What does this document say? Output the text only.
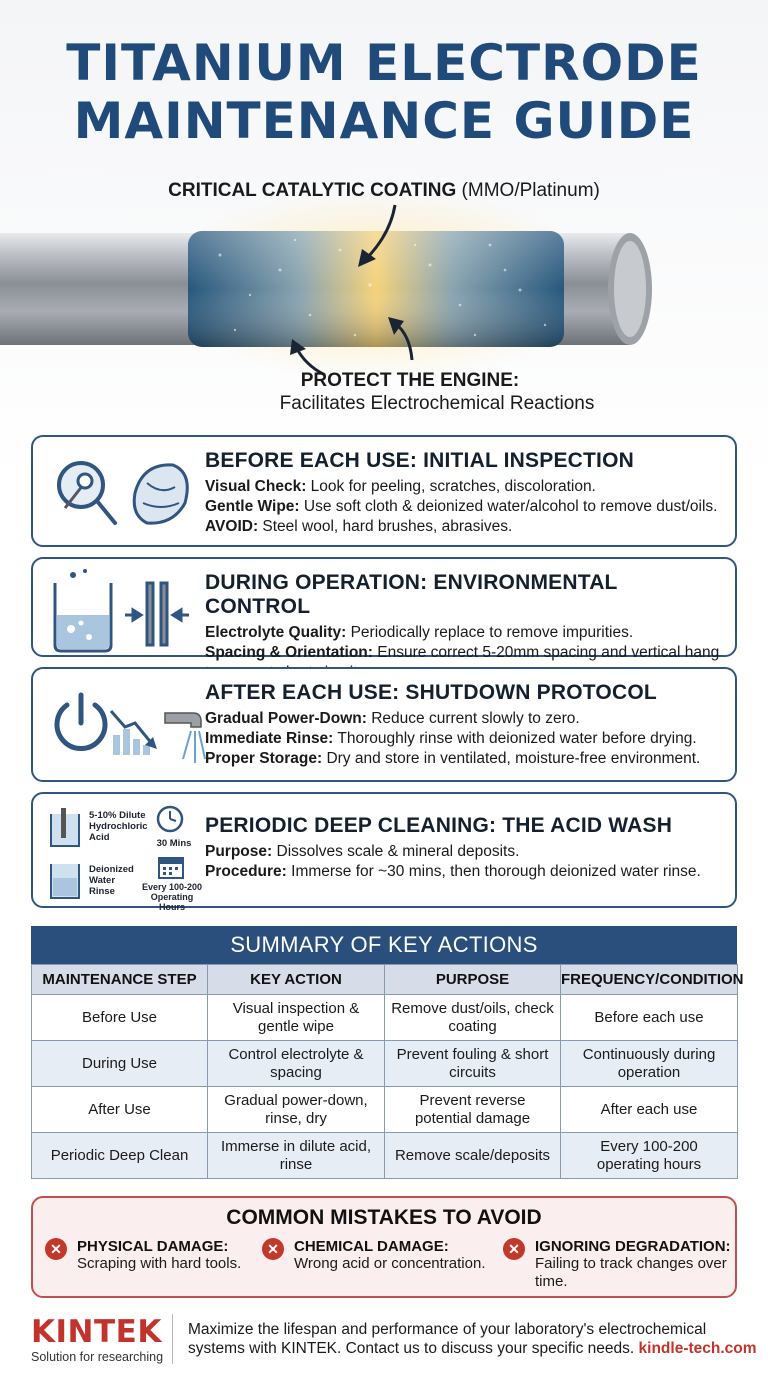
TITANIUM ELECTRODE
MAINTENANCE GUIDE
CRITICAL CATALYTIC COATING (MMO/Platinum)
PROTECT THE ENGINE:
Facilitates Electrochemical Reactions
BEFORE EACH USE: INITIAL INSPECTION

Visual Check: Look for peeling, scratches, discoloration.

Gentle Wipe: Use soft cloth & deionized water/alcohol to remove dust/oils.

AVOID: Steel wool, hard brushes, abrasives.

DURING OPERATION: ENVIRONMENTAL CONTROL

Electrolyte Quality: Periodically replace to remove impurities.

Spacing & Orientation: Ensure correct 5-20mm spacing and vertical hang

AFTER EACH USE: SHUTDOWN PROTOCOL

Gradual Power-Down: Reduce current slowly to zero.

Immediate Rinse: Thoroughly rinse with deionized water before drying.

Proper Storage: Dry and store in ventilated, moisture-free environment.

5-10% Dilute Hydrochloric Acid
Deionized Water Rinse
30 Mins
Every 100-200 Operating Hours
PERIODIC DEEP CLEANING: THE ACID WASH

Purpose: Dissolves scale & mineral deposits.

Procedure: Immerse for ~30 mins, then thorough deionized water rinse.

SUMMARY OF KEY ACTIONS
MAINTENANCE STEP	KEY ACTION	PURPOSE	FREQUENCY/CONDITION
Before Use	Visual inspection & gentle wipe	Remove dust/oils, check coating	Before each use
During Use	Control electrolyte & spacing	Prevent fouling & short circuits	Continuously during operation
After Use	Gradual power-down, rinse, dry	Prevent reverse potential damage	After each use
Periodic Deep Clean	Immerse in dilute acid, rinse	Remove scale/deposits	Every 100-200 operating hours
COMMON MISTAKES TO AVOID
✕	PHYSICAL DAMAGE:
Scraping with hard tools.
✕	CHEMICAL DAMAGE:
Wrong acid or concentration.
✕	IGNORING DEGRADATION:
Failing to track changes over time.
KINTEK
Solution for researching
Maximize the lifespan and performance of your laboratory's electrochemical systems with KINTEK. Contact us to discuss your specific needs. kindle-tech.com
